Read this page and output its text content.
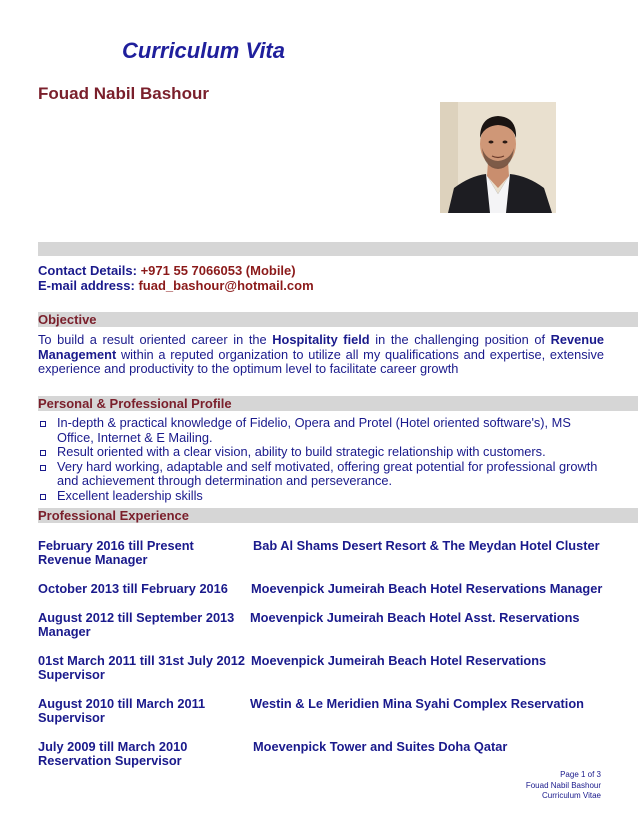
Curriculum Vita
Fouad Nabil Bashour
Contact Details: +971 55 7066053 (Mobile)
E-mail address: fuad_bashour@hotmail.com
Objective
To build a result oriented career in the Hospitality field in the challenging position of Revenue Management within a reputed organization to utilize all my qualifications and expertise, extensive experience and productivity to the optimum level to facilitate career growth
Personal & Professional Profile
In-depth & practical knowledge of Fidelio, Opera and Protel (Hotel oriented software's), MS Office, Internet & E Mailing.
Result oriented with a clear vision, ability to build strategic relationship with customers.
Very hard working, adaptable and self motivated, offering great potential for professional growth and achievement through determination and perseverance.
Excellent leadership skills
Professional Experience
February 2016 till Present	Bab Al Shams Desert Resort & The Meydan Hotel Cluster
Revenue Manager
October 2013 till February 2016 Moevenpick Jumeirah Beach Hotel Reservations Manager
August 2012 till September 2013 Moevenpick Jumeirah Beach Hotel Asst. Reservations
Manager
01st March 2011 till 31st July 2012 Moevenpick Jumeirah Beach Hotel Reservations
Supervisor
August 2010 till March 2011	Westin & Le Meridien Mina Syahi Complex Reservation
Supervisor
July 2009 till March 2010	Moevenpick Tower and Suites Doha Qatar
Reservation Supervisor
Page 1 of 3
Fouad Nabil Bashour
Curriculum Vitae
